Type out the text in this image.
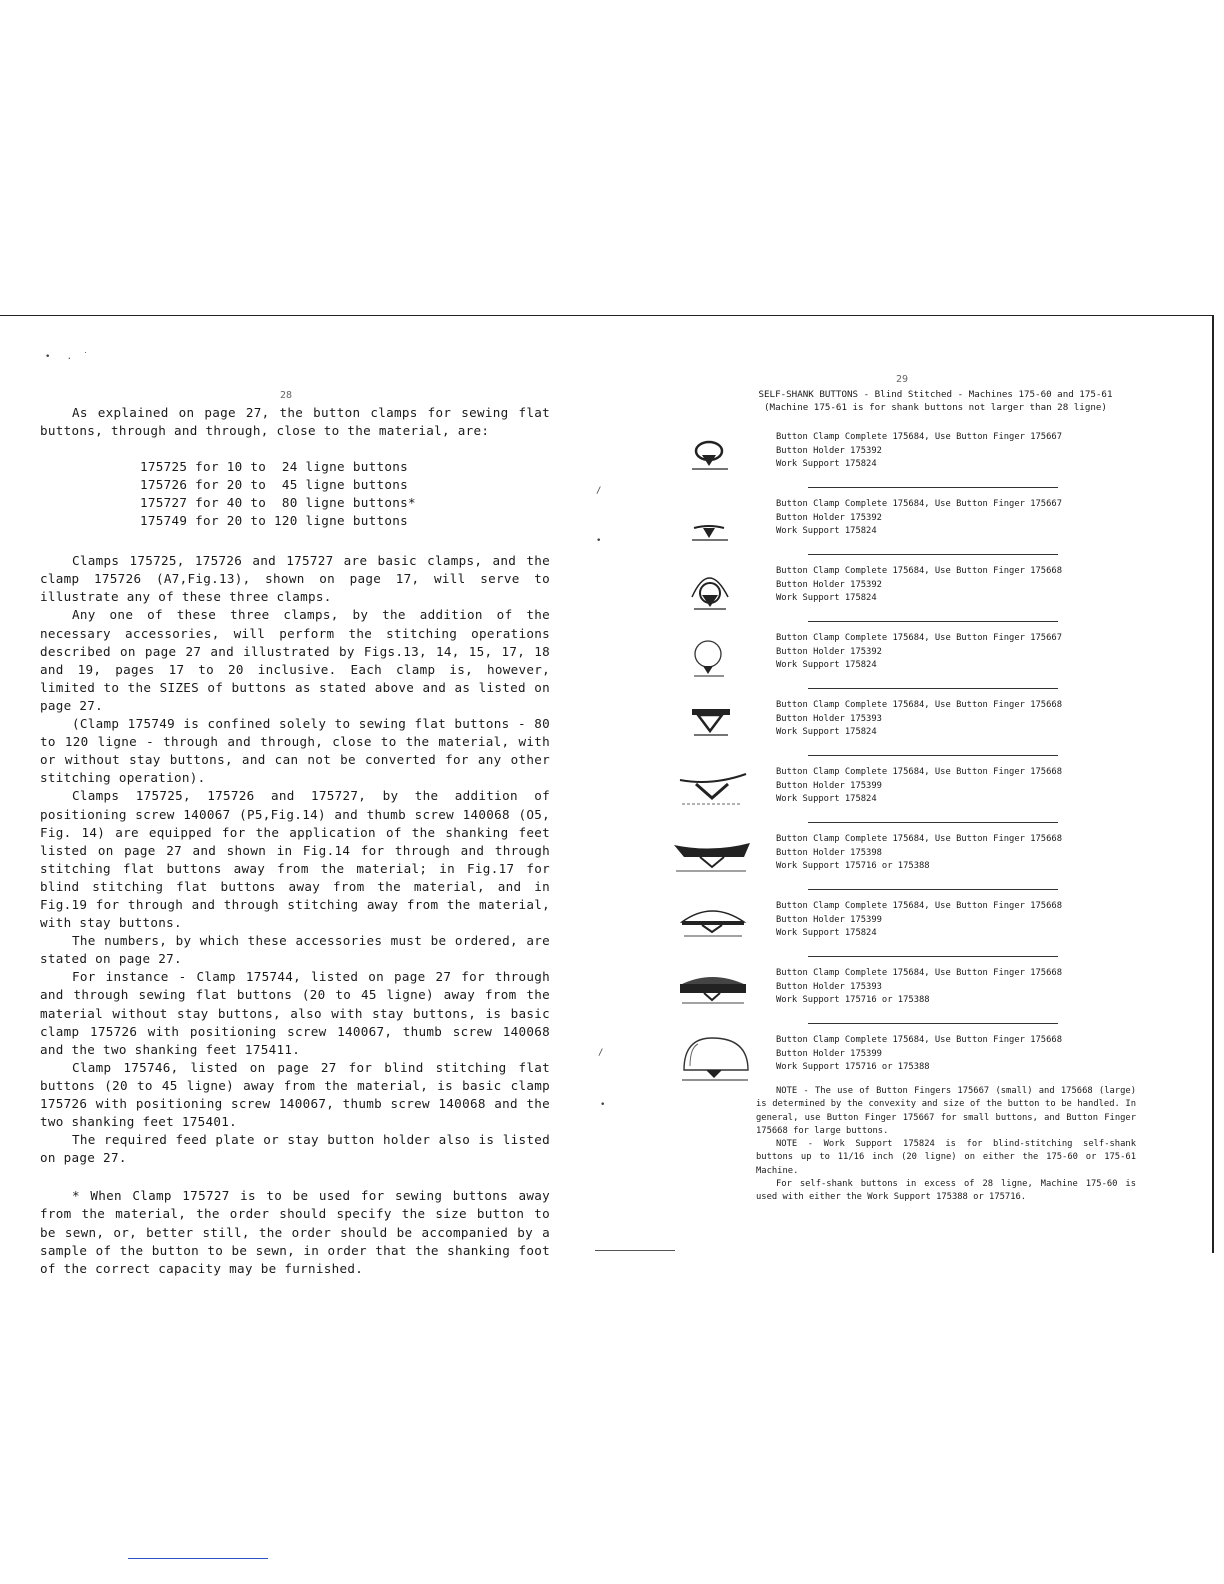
•   .  ˙
/
•
/
•
28

As explained on page 27, the button clamps for sewing flat buttons, through and through, close to the material, are:

175725 for 10 to  24 ligne buttons
175726 for 20 to  45 ligne buttons
175727 for 40 to  80 ligne buttons*
175749 for 20 to 120 ligne buttons

Clamps 175725, 175726 and 175727 are basic clamps, and the clamp 175726 (A7,Fig.13), shown on page 17, will serve to illustrate any of these three clamps.

Any one of these three clamps, by the addition of the necessary accessories, will perform the stitching operations described on page 27 and illustrated by Figs.13, 14, 15, 17, 18 and 19, pages 17 to 20 inclusive. Each clamp is, however, limited to the SIZES of buttons as stated above and as listed on page 27.

(Clamp 175749 is confined solely to sewing flat buttons - 80 to 120 ligne - through and through, close to the material, with or without stay buttons, and can not be converted for any other stitching operation).

Clamps 175725, 175726 and 175727, by the addition of positioning screw 140067 (P5,Fig.14) and thumb screw 140068 (O5, Fig. 14) are equipped for the application of the shanking feet listed on page 27 and shown in Fig.14 for through and through stitching flat buttons away from the material; in Fig.17 for blind stitching flat buttons away from the material, and in Fig.19 for through and through stitching away from the material, with stay buttons.

The numbers, by which these accessories must be ordered, are stated on page 27.

For instance - Clamp 175744, listed on page 27 for through and through sewing flat buttons (20 to 45 ligne) away from the material without stay buttons, also with stay buttons, is basic clamp 175726 with positioning screw 140067, thumb screw 140068 and the two shanking feet 175411.

Clamp 175746, listed on page 27 for blind stitching flat buttons (20 to 45 ligne) away from the material, is basic clamp 175726 with positioning screw 140067, thumb screw 140068 and the two shanking feet 175401.

The required feed plate or stay button holder also is listed on page 27.

* When Clamp 175727 is to be used for sewing buttons away from the material, the order should specify the size button to be sewn, or, better still, the order should be accompanied by a sample of the button to be sewn, in order that the shanking foot of the correct capacity may be furnished.

29
SELF-SHANK BUTTONS - Blind Stitched - Machines 175-60 and 175-61
(Machine 175-61 is for shank buttons not larger than 28 ligne)
Button Clamp Complete 175684, Use Button Finger 175667
Button Holder 175392
Work Support 175824
Button Clamp Complete 175684, Use Button Finger 175667
Button Holder 175392
Work Support 175824
Button Clamp Complete 175684, Use Button Finger 175668
Button Holder 175392
Work Support 175824
Button Clamp Complete 175684, Use Button Finger 175667
Button Holder 175392
Work Support 175824
Button Clamp Complete 175684, Use Button Finger 175668
Button Holder 175393
Work Support 175824
Button Clamp Complete 175684, Use Button Finger 175668
Button Holder 175399
Work Support 175824
Button Clamp Complete 175684, Use Button Finger 175668
Button Holder 175398
Work Support 175716 or 175388
Button Clamp Complete 175684, Use Button Finger 175668
Button Holder 175399
Work Support 175824
Button Clamp Complete 175684, Use Button Finger 175668
Button Holder 175393
Work Support 175716 or 175388
Button Clamp Complete 175684, Use Button Finger 175668
Button Holder 175399
Work Support 175716 or 175388

NOTE - The use of Button Fingers 175667 (small) and 175668 (large) is determined by the convexity and size of the button to be handled. In general, use Button Finger 175667 for small buttons, and Button Finger 175668 for large buttons.

NOTE - Work Support 175824 is for blind-stitching self-shank buttons up to 11/16 inch (20 ligne) on either the 175-60 or 175-61 Machine.

For self-shank buttons in excess of 28 ligne, Machine 175-60 is used with either the Work Support 175388 or 175716.
